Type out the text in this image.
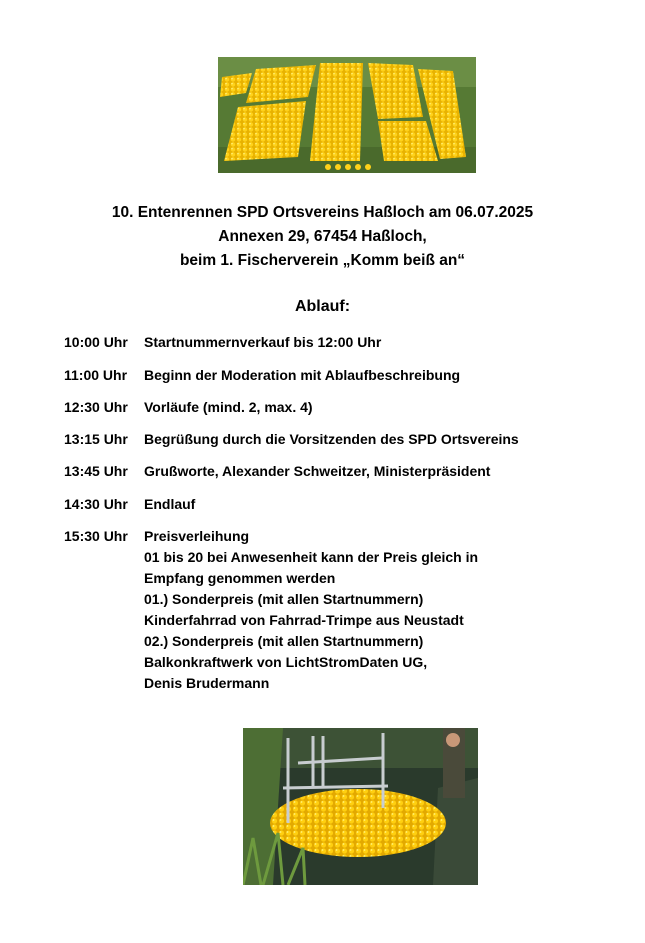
10. Entenrennen SPD Ortsvereins Haßloch am 06.07.2025
Annexen 29, 67454 Haßloch,
beim 1. Fischerverein „Komm beiß an“
Ablauf:
10:00 Uhr Startnummernverkauf bis 12:00 Uhr
11:00 Uhr Beginn der Moderation mit Ablaufbeschreibung
12:30 Uhr Vorläufe (mind. 2, max. 4)
13:15 Uhr Begrüßung durch die Vorsitzenden des SPD Ortsvereins
13:45 Uhr Grußworte, Alexander Schweitzer, Ministerpräsident
14:30 Uhr Endlauf
15:30 Uhr Preisverleihung
01 bis 20 bei Anwesenheit kann der Preis gleich in
Empfang genommen werden
01.) Sonderpreis (mit allen Startnummern)
Kinderfahrrad von Fahrrad-Trimpe aus Neustadt
02.) Sonderpreis (mit allen Startnummern)
Balkonkraftwerk von LichtStromDaten UG,
Denis Brudermann
